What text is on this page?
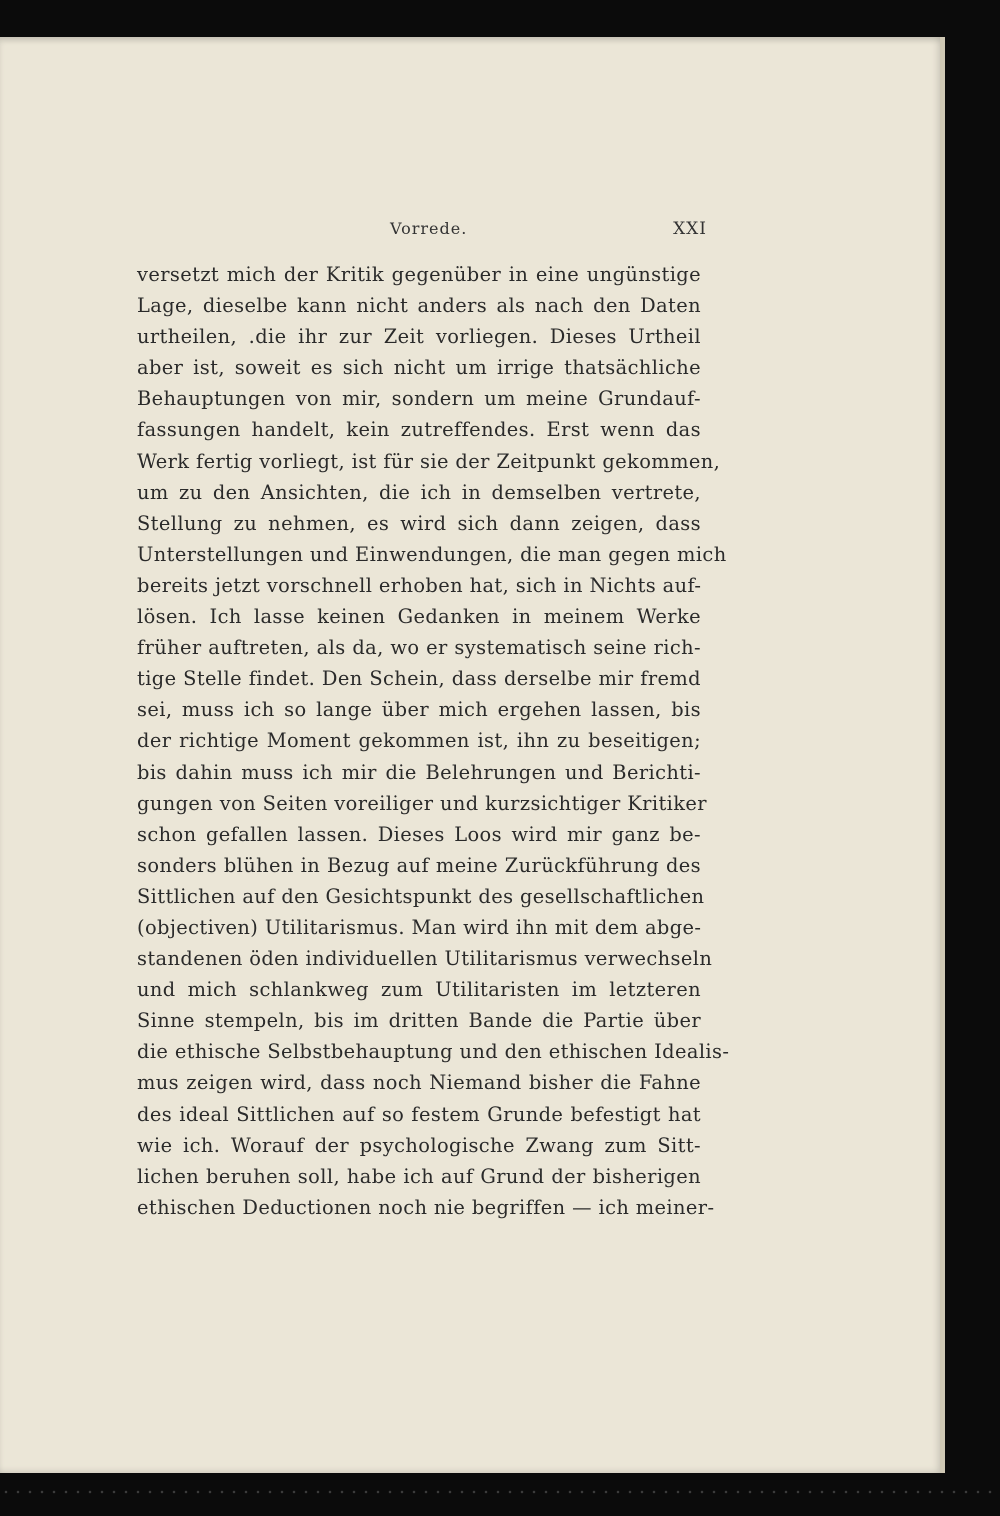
Vorrede.	XXI
versetzt mich der Kritik gegenüber in eine ungünstige
Lage, dieselbe kann nicht anders als nach den Daten
urtheilen, .die ihr zur Zeit vorliegen. Dieses Urtheil
aber ist, soweit es sich nicht um irrige thatsächliche
Behauptungen von mir, sondern um meine Grundauf-
fassungen handelt, kein zutreffendes. Erst wenn das
Werk fertig vorliegt, ist für sie der Zeitpunkt gekommen,
um zu den Ansichten, die ich in demselben vertrete,
Stellung zu nehmen, es wird sich dann zeigen, dass
Unterstellungen und Einwendungen, die man gegen mich
bereits jetzt vorschnell erhoben hat, sich in Nichts auf-
lösen. Ich lasse keinen Gedanken in meinem Werke
früher auftreten, als da, wo er systematisch seine rich-
tige Stelle findet. Den Schein, dass derselbe mir fremd
sei, muss ich so lange über mich ergehen lassen, bis
der richtige Moment gekommen ist, ihn zu beseitigen;
bis dahin muss ich mir die Belehrungen und Berichti-
gungen von Seiten voreiliger und kurzsichtiger Kritiker
schon gefallen lassen. Dieses Loos wird mir ganz be-
sonders blühen in Bezug auf meine Zurückführung des
Sittlichen auf den Gesichtspunkt des gesellschaftlichen
(objectiven) Utilitarismus. Man wird ihn mit dem abge-
standenen öden individuellen Utilitarismus verwechseln
und mich schlankweg zum Utilitaristen im letzteren
Sinne stempeln, bis im dritten Bande die Partie über
die ethische Selbstbehauptung und den ethischen Idealis-
mus zeigen wird, dass noch Niemand bisher die Fahne
des ideal Sittlichen auf so festem Grunde befestigt hat
wie ich. Worauf der psychologische Zwang zum Sitt-
lichen beruhen soll, habe ich auf Grund der bisherigen
ethischen Deductionen noch nie begriffen — ich meiner-
